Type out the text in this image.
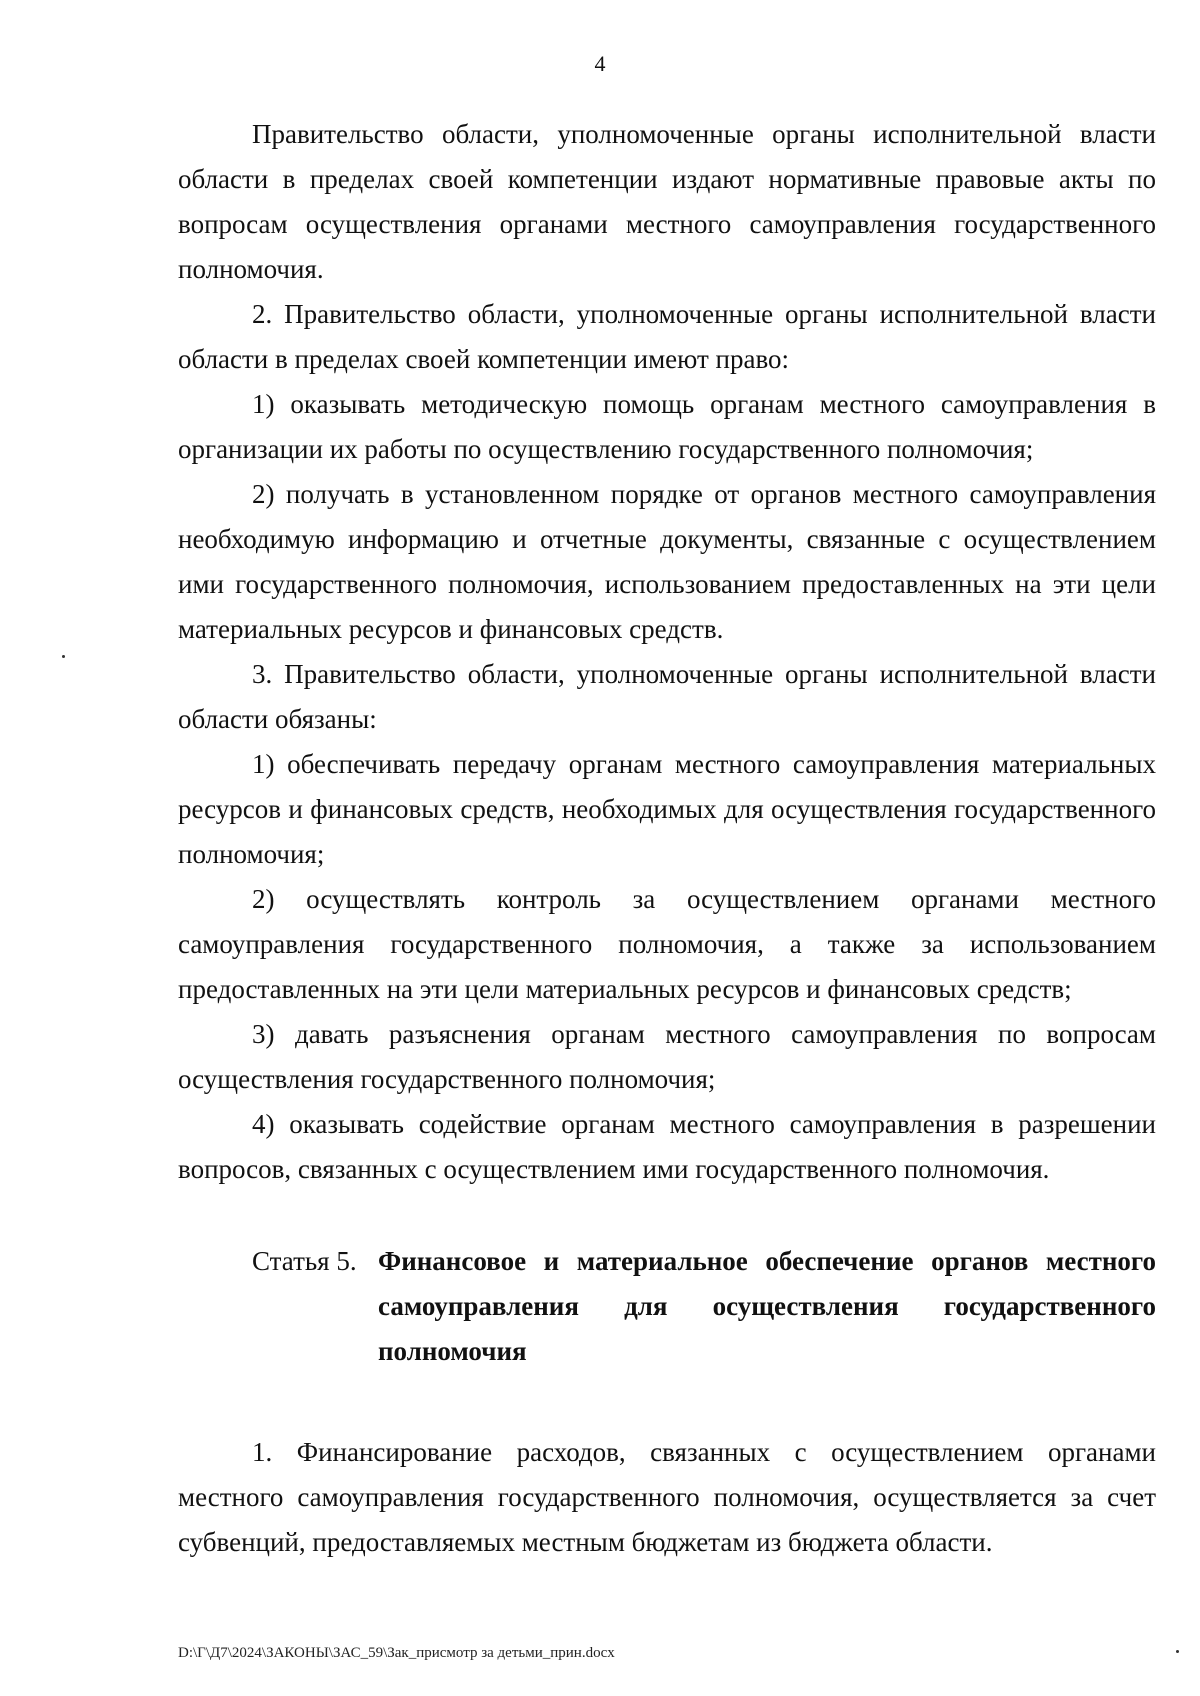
4

Правительство области, уполномоченные органы исполнительной власти области в пределах своей компетенции издают нормативные правовые акты по вопросам осуществления органами местного самоуправления государственного полномочия.

2. Правительство области, уполномоченные органы исполнительной власти области в пределах своей компетенции имеют право:

1) оказывать методическую помощь органам местного самоуправления в организации их работы по осуществлению государственного полномочия;

2) получать в установленном порядке от органов местного самоуправления необходимую информацию и отчетные документы, связанные с осуществлением ими государственного полномочия, использованием предоставленных на эти цели материальных ресурсов и финансовых средств.

3. Правительство области, уполномоченные органы исполнительной власти области обязаны:

1) обеспечивать передачу органам местного самоуправления материальных ресурсов и финансовых средств, необходимых для осуществления государственного полномочия;

2) осуществлять контроль за осуществлением органами местного самоуправления государственного полномочия, а также за использованием предоставленных на эти цели материальных ресурсов и финансовых средств;

3) давать разъяснения органам местного самоуправления по вопросам осуществления государственного полномочия;

4) оказывать содействие органам местного самоуправления в разрешении вопросов, связанных с осуществлением ими государственного полномочия.

Статья 5. Финансовое и материальное обеспечение органов местного самоуправления для осуществления государственного полномочия

1. Финансирование расходов, связанных с осуществлением органами местного самоуправления государственного полномочия, осуществляется за счет субвенций, предоставляемых местным бюджетам из бюджета области.

D:\Г\Д7\2024\ЗАКОНЫ\ЗАС_59\Зак_присмотр за детьми_прин.docx
